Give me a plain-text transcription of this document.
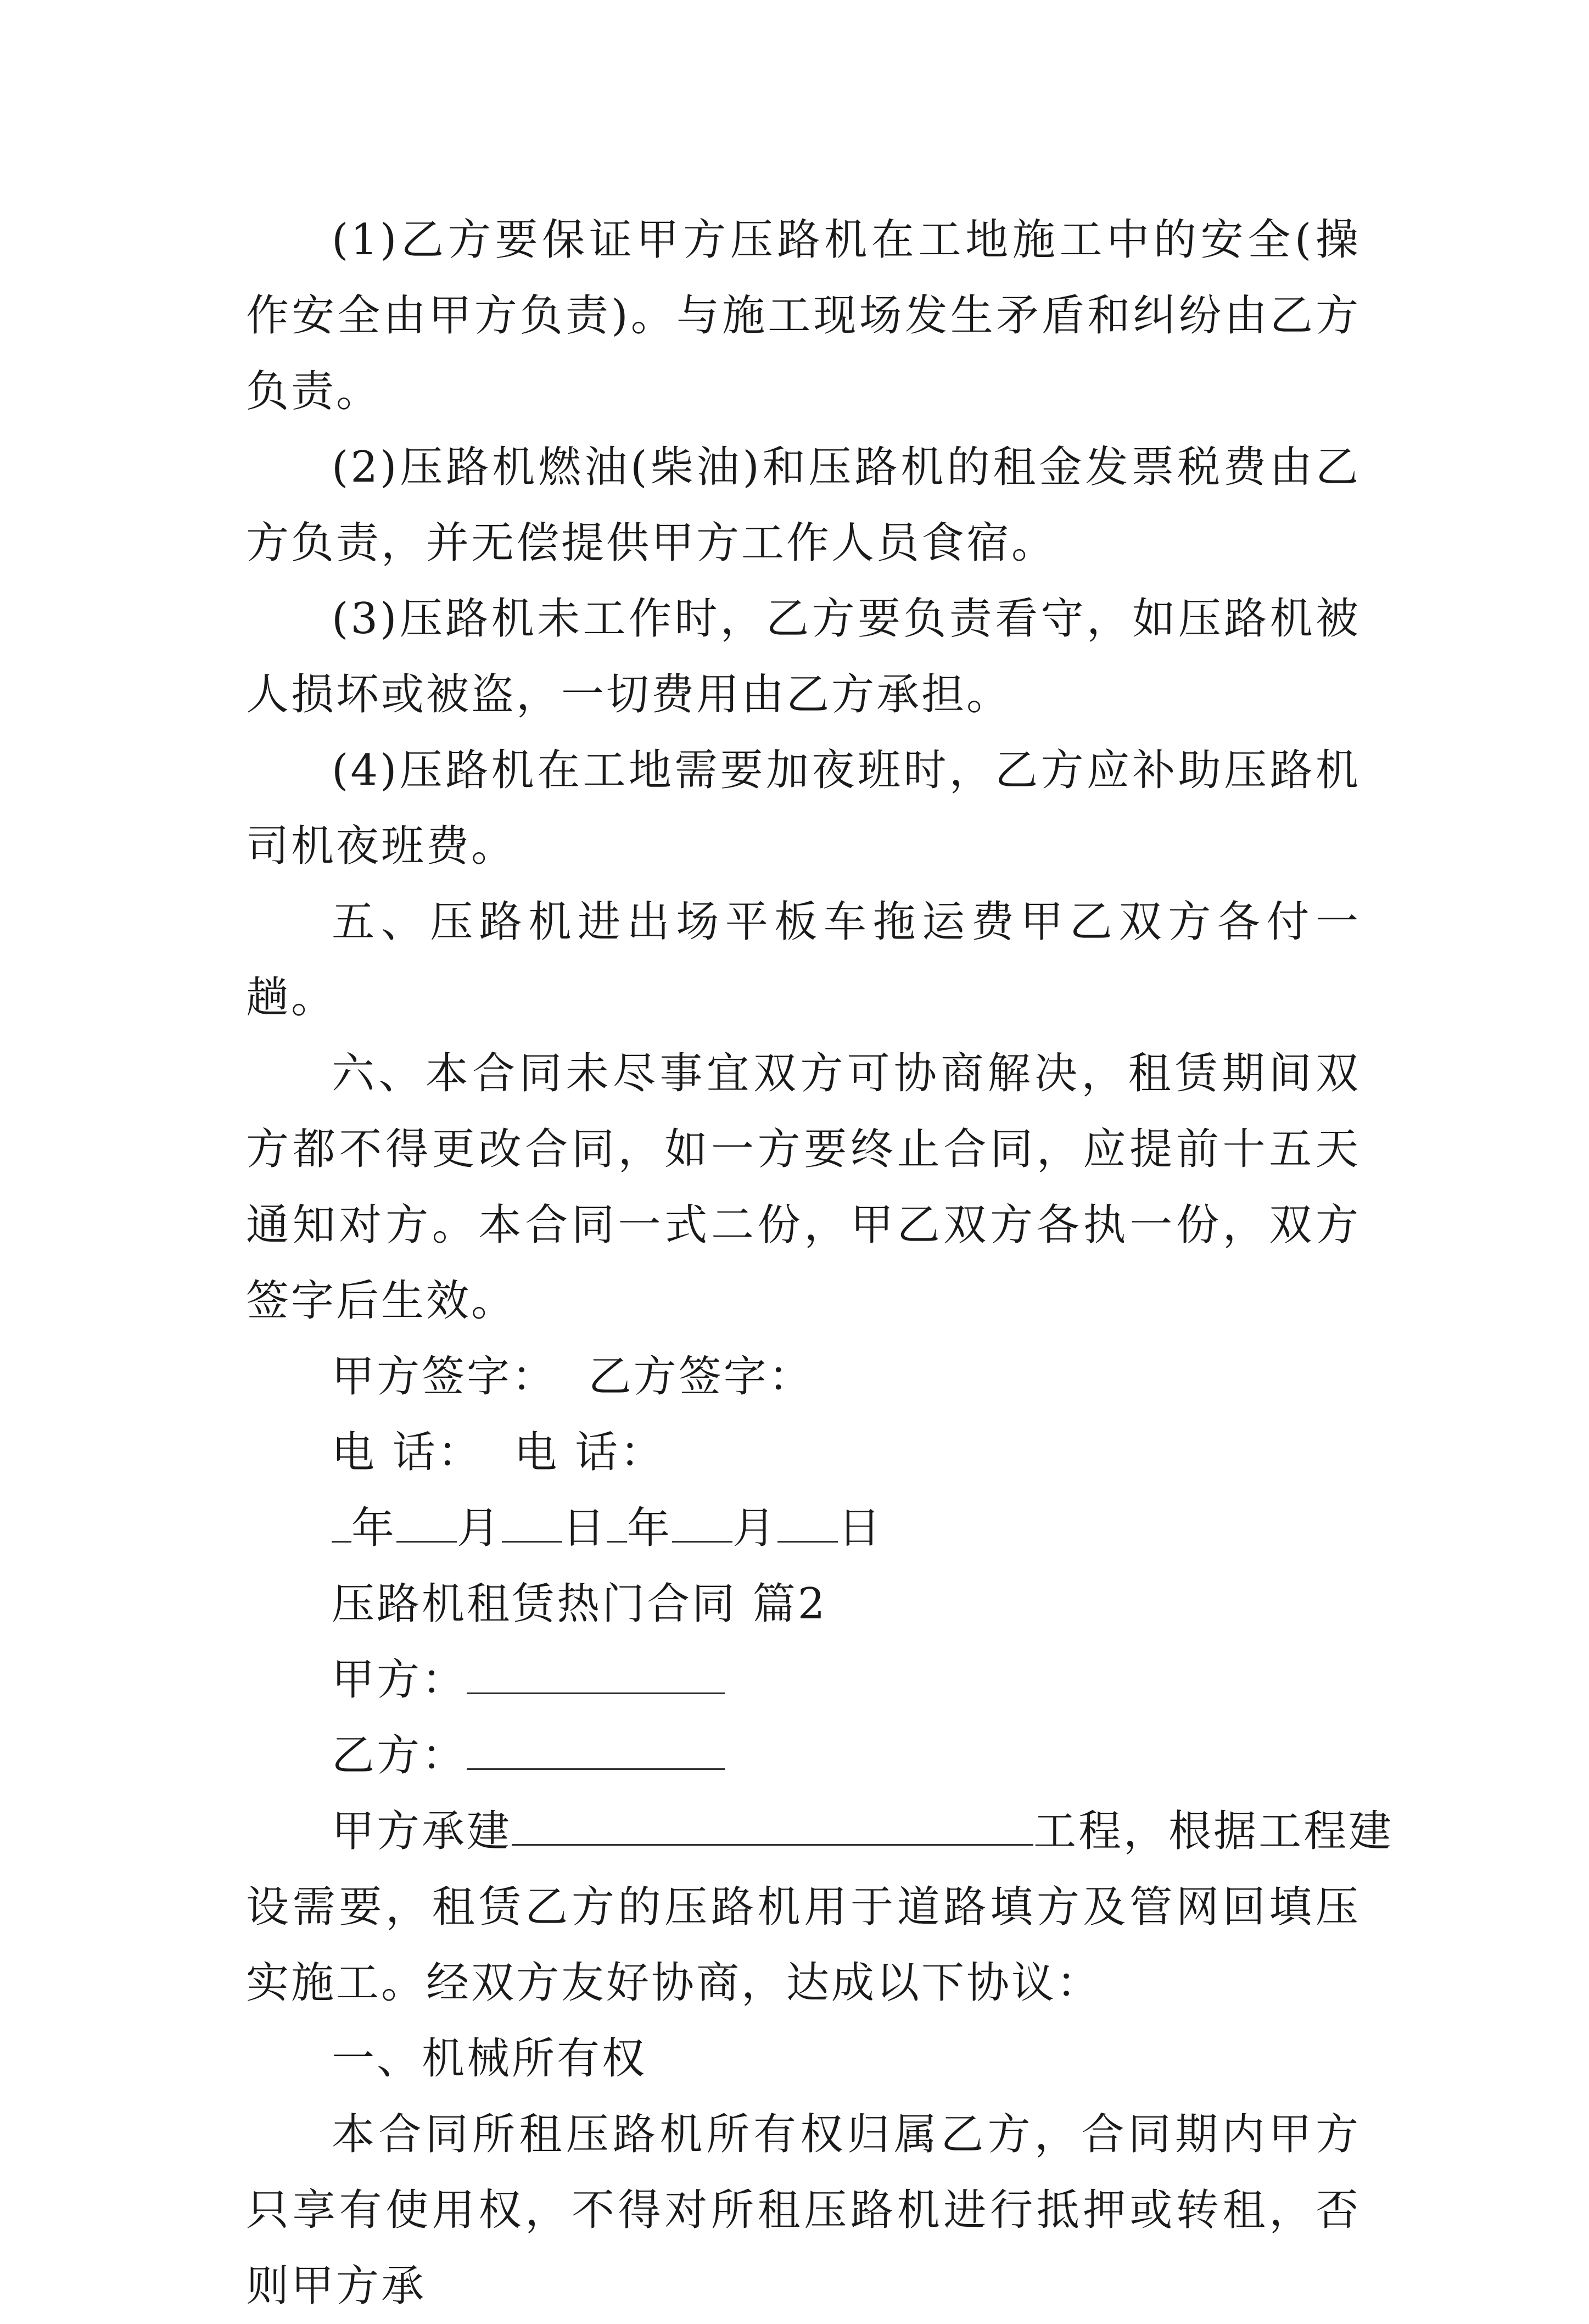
(1)乙方要保证甲方压路机在工地施工中的安全(操作安全由甲方负责)。与施工现场发生矛盾和纠纷由乙方负责。

(2)压路机燃油(柴油)和压路机的租金发票税费由乙方负责，并无偿提供甲方工作人员食宿。

(3)压路机未工作时，乙方要负责看守，如压路机被人损坏或被盗，一切费用由乙方承担。

(4)压路机在工地需要加夜班时，乙方应补助压路机司机夜班费。

五、压路机进出场平板车拖运费甲乙双方各付一趟。

六、本合同未尽事宜双方可协商解决，租赁期间双方都不得更改合同，如一方要终止合同，应提前十五天通知对方。本合同一式二份，甲乙双方各执一份，双方签字后生效。

甲方签字：  乙方签字：

电 话：  电 话：

年 月 日 年 月 日

压路机租赁热门合同 篇2

甲方：

乙方：

甲方承建	工程，根据工程建

设需要，租赁乙方的压路机用于道路填方及管网回填压实施工。经双方友好协商，达成以下协议：

一、机械所有权

本合同所租压路机所有权归属乙方，合同期内甲方只享有使用权，不得对所租压路机进行抵押或转租，否则甲方承
